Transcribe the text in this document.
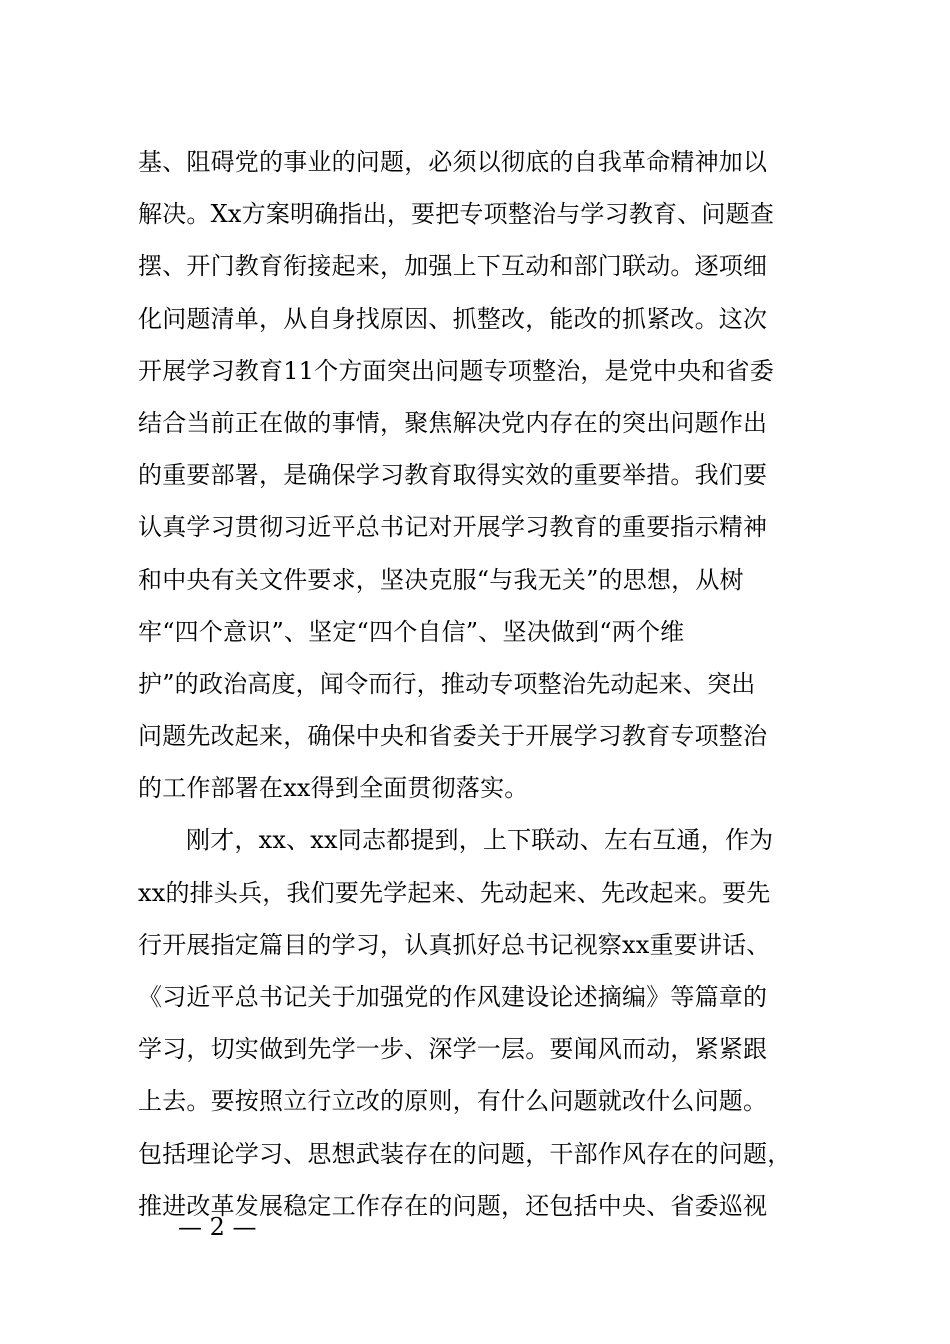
基、阻碍党的事业的问题，必须以彻底的自我革命精神加以
解决。Xx方案明确指出，要把专项整治与学习教育、问题查
摆、开门教育衔接起来，加强上下互动和部门联动。逐项细
化问题清单，从自身找原因、抓整改，能改的抓紧改。这次
开展学习教育11个方面突出问题专项整治，是党中央和省委
结合当前正在做的事情，聚焦解决党内存在的突出问题作出
的重要部署，是确保学习教育取得实效的重要举措。我们要
认真学习贯彻习近平总书记对开展学习教育的重要指示精神
和中央有关文件要求，坚决克服“与我无关”的思想，从树
牢“四个意识”、坚定“四个自信”、坚决做到“两个维
护”的政治高度，闻令而行，推动专项整治先动起来、突出
问题先改起来，确保中央和省委关于开展学习教育专项整治
的工作部署在xx得到全面贯彻落实。
刚才，xx、xx同志都提到，上下联动、左右互通，作为
xx的排头兵，我们要先学起来、先动起来、先改起来。要先
行开展指定篇目的学习，认真抓好总书记视察xx重要讲话、
《习近平总书记关于加强党的作风建设论述摘编》等篇章的
学习，切实做到先学一步、深学一层。要闻风而动，紧紧跟
上去。要按照立行立改的原则，有什么问题就改什么问题。
包括理论学习、思想武装存在的问题，干部作风存在的问题，
推进改革发展稳定工作存在的问题，还包括中央、省委巡视
— 2 —
